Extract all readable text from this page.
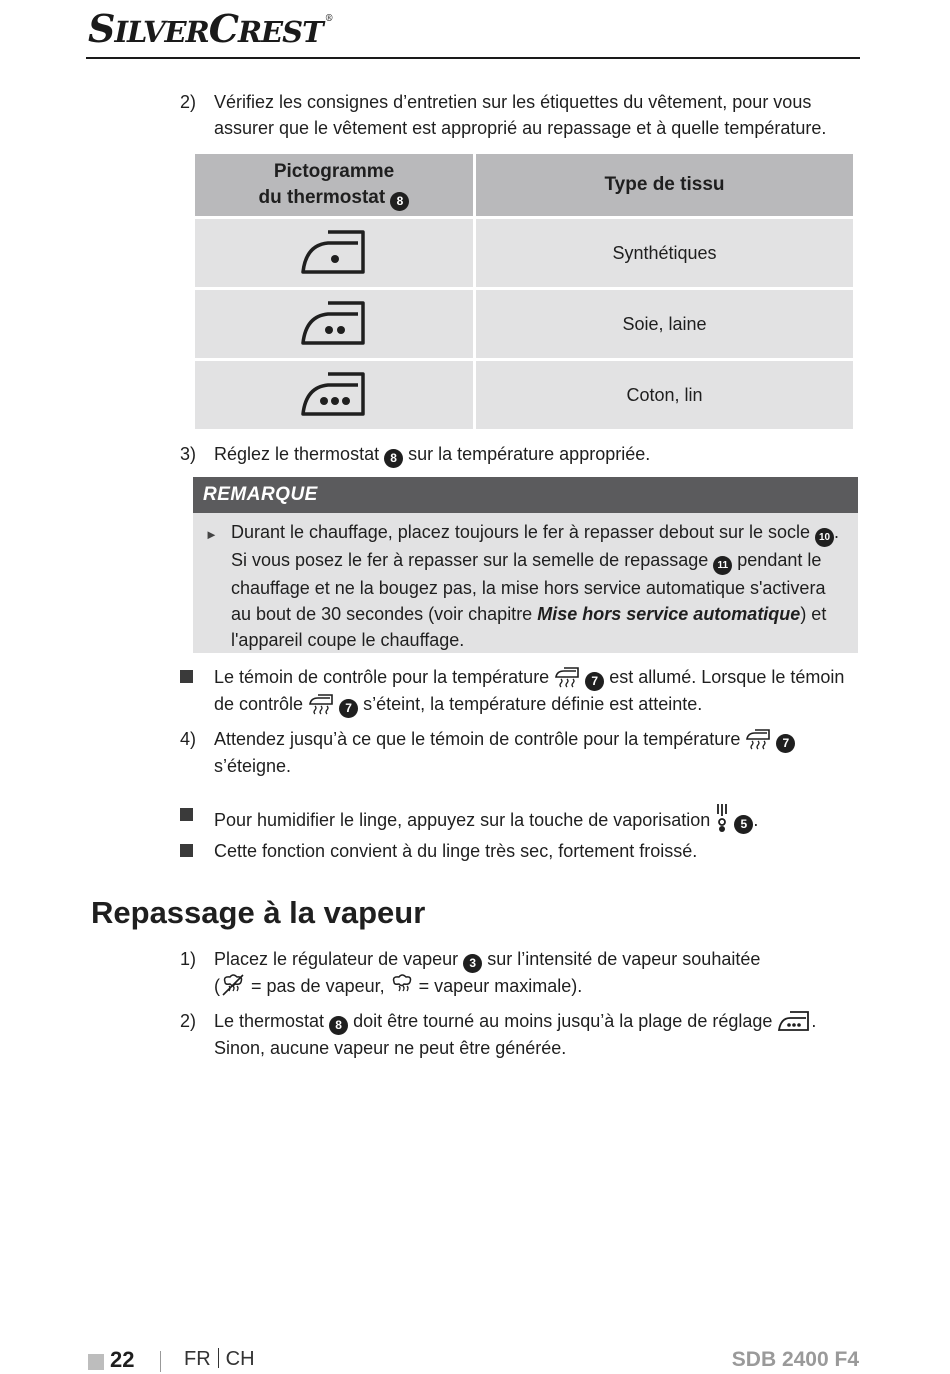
SILVERCREST ®
2) Vérifiez les consignes d’entretien sur les étiquettes du vêtement, pour vous assurer que le vêtement est approprié au repassage et à quelle température.
Pictogramme
du thermostat 8	Type de tissu
	Synthétiques
	Soie, laine
	Coton, lin
3) Réglez le thermostat 8 sur la température appropriée.
REMARQUE
► Durant le chauffage, placez toujours le fer à repasser debout sur le socle 10 . Si vous posez le fer à repasser sur la semelle de repassage 11 pendant le chauffage et ne la bougez pas, la mise hors service automatique s'activera au bout de 30 secondes (voir chapitre Mise hors service automatique) et l'appareil coupe le chauffage.
Le témoin de contrôle pour la température	7 est allumé. Lorsque le témoin de contrôle	7 s’éteint, la température définie est atteinte.
4) Attendez jusqu’à ce que le témoin de contrôle pour la température	7
s’éteigne.
Pour humidifier le linge, appuyez sur la touche de vaporisation	5 .
Cette fonction convient à du linge très sec, fortement froissé.
Repassage à la vapeur
1) Placez le régulateur de vapeur 3 sur l’intensité de vapeur souhaitée
( = pas de vapeur, = vapeur maximale).
2) Le thermostat 8 doit être tourné au moins jusqu’à la plage de réglage .
Sinon, aucune vapeur ne peut être générée.
22 FR CH	SDB 2400 F4
